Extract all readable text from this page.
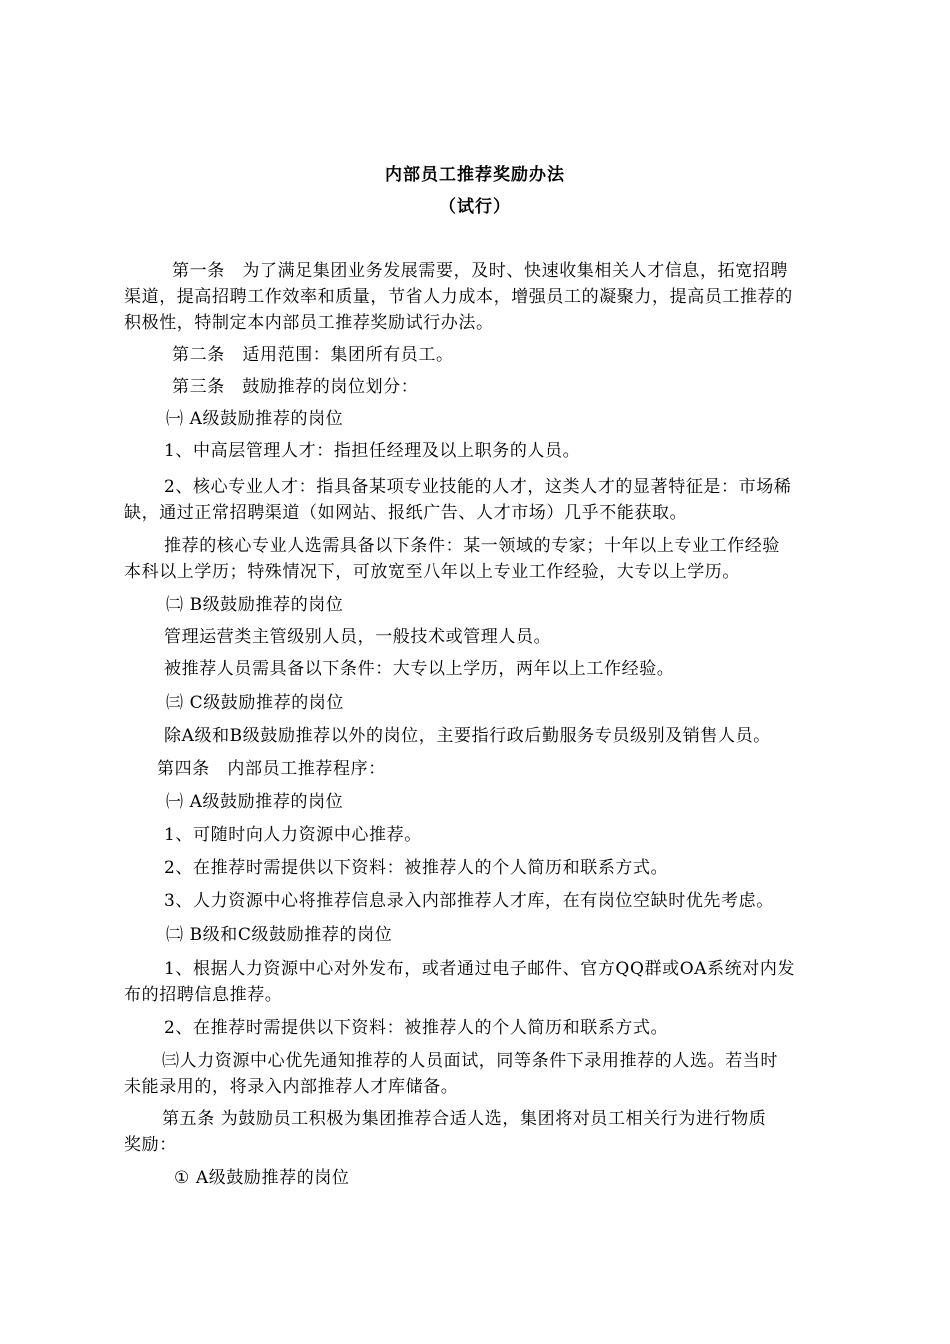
内部员工推荐奖励办法
（试行）
第一条　为了满足集团业务发展需要，及时、快速收集相关人才信息，拓宽招聘
渠道，提高招聘工作效率和质量，节省人力成本，增强员工的凝聚力，提高员工推荐的
积极性，特制定本内部员工推荐奖励试行办法。
第二条　适用范围：集团所有员工。
第三条　鼓励推荐的岗位划分：
㈠ A级鼓励推荐的岗位
1、中高层管理人才：指担任经理及以上职务的人员。
2、核心专业人才：指具备某项专业技能的人才，这类人才的显著特征是：市场稀
缺，通过正常招聘渠道（如网站、报纸广告、人才市场）几乎不能获取。
推荐的核心专业人选需具备以下条件：某一领域的专家；十年以上专业工作经验
本科以上学历；特殊情况下，可放宽至八年以上专业工作经验，大专以上学历。
㈡ B级鼓励推荐的岗位
管理运营类主管级别人员，一般技术或管理人员。
被推荐人员需具备以下条件：大专以上学历，两年以上工作经验。
㈢ C级鼓励推荐的岗位
除A级和B级鼓励推荐以外的岗位，主要指行政后勤服务专员级别及销售人员。
第四条　内部员工推荐程序：
㈠ A级鼓励推荐的岗位
1、可随时向人力资源中心推荐。
2、在推荐时需提供以下资料：被推荐人的个人简历和联系方式。
3、人力资源中心将推荐信息录入内部推荐人才库，在有岗位空缺时优先考虑。
㈡ B级和C级鼓励推荐的岗位
1、根据人力资源中心对外发布，或者通过电子邮件、官方QQ群或OA系统对内发
布的招聘信息推荐。
2、在推荐时需提供以下资料：被推荐人的个人简历和联系方式。
㈢人力资源中心优先通知推荐的人员面试，同等条件下录用推荐的人选。若当时
未能录用的，将录入内部推荐人才库储备。
第五条 为鼓励员工积极为集团推荐合适人选，集团将对员工相关行为进行物质
奖励：
① A级鼓励推荐的岗位
